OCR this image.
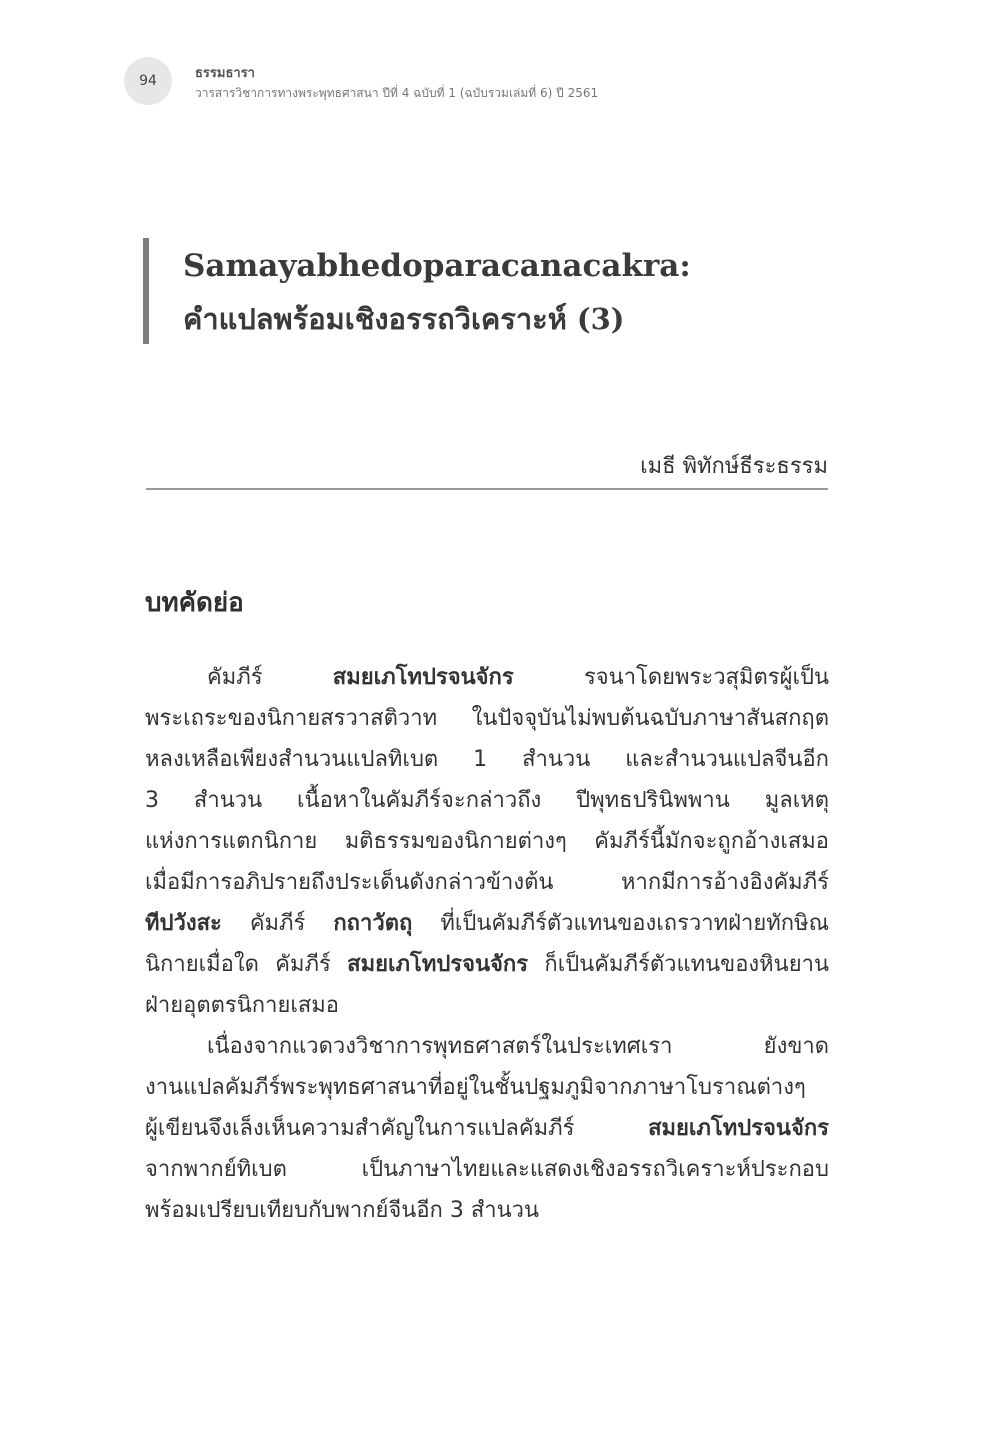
94	ธรรมธารา
วารสารวิชาการทางพระพุทธศาสนา ปีที่ 4 ฉบับที่ 1 (ฉบับรวมเล่มที่ 6) ปี 2561
Samayabhedoparacanacakra:
คำแปลพร้อมเชิงอรรถวิเคราะห์ (3)
เมธี พิทักษ์ธีระธรรม
บทคัดย่อ
คัมภีร์ สมยเภโทปรจนจักร รจนาโดยพระวสุมิตรผู้เป็น
พระเถระของนิกายสรวาสติวาท ในปัจจุบันไม่พบต้นฉบับภาษาสันสกฤต
หลงเหลือเพียงสำนวนแปลทิเบต 1 สำนวน และสำนวนแปลจีนอีก
3 สำนวน เนื้อหาในคัมภีร์จะกล่าวถึง ปีพุทธปรินิพพาน มูลเหตุ
แห่งการแตกนิกาย มติธรรมของนิกายต่างๆ คัมภีร์นี้มักจะถูกอ้างเสมอ
เมื่อมีการอภิปรายถึงประเด็นดังกล่าวข้างต้น หากมีการอ้างอิงคัมภีร์
ทีปวังสะ คัมภีร์ กถาวัตถุ ที่เป็นคัมภีร์ตัวแทนของเถรวาทฝ่ายทักษิณ
นิกายเมื่อใด คัมภีร์ สมยเภโทปรจนจักร ก็เป็นคัมภีร์ตัวแทนของหินยาน
ฝ่ายอุตตรนิกายเสมอ
เนื่องจากแวดวงวิชาการพุทธศาสตร์ในประเทศเรา ยังขาด
งานแปลคัมภีร์พระพุทธศาสนาที่อยู่ในชั้นปฐมภูมิจากภาษาโบราณต่างๆ
ผู้เขียนจึงเล็งเห็นความสำคัญในการแปลคัมภีร์ สมยเภโทปรจนจักร
จากพากย์ทิเบต เป็นภาษาไทยและแสดงเชิงอรรถวิเคราะห์ประกอบ
พร้อมเปรียบเทียบกับพากย์จีนอีก 3 สำนวน
